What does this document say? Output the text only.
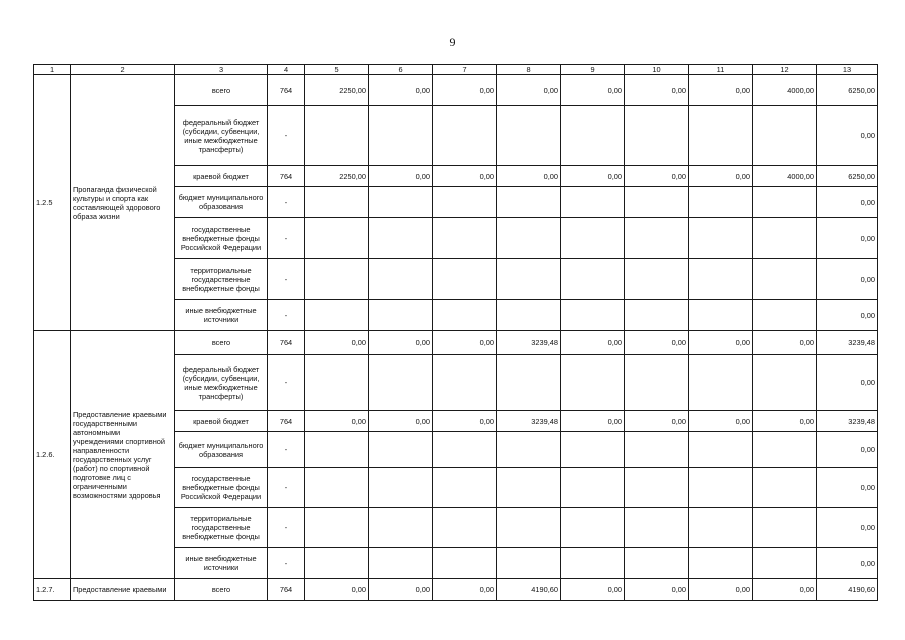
9
1	2	3	4	5	6	7	8	9	10	11	12	13
1.2.5	Пропаганда физической культуры и спорта как составляющей здорового образа жизни	всего	764	2250,00	0,00	0,00	0,00	0,00	0,00	0,00	4000,00	6250,00
		федеральный бюджет (субсидии, субвенции, иные межбюджетные трансферты)	-									0,00
		краевой бюджет	764	2250,00	0,00	0,00	0,00	0,00	0,00	0,00	4000,00	6250,00
		бюджет муниципального образования	-									0,00
		государственные внебюджетные фонды Российской Федерации	-									0,00
		территориальные государственные внебюджетные фонды	-									0,00
		иные внебюджетные источники	-									0,00
1.2.6.	Предоставление краевыми государственными автономными учреждениями спортивной направленности государственных услуг (работ) по спортивной подготовке лиц с ограниченными возможностями здоровья	всего	764	0,00	0,00	0,00	3239,48	0,00	0,00	0,00	0,00	3239,48
		федеральный бюджет (субсидии, субвенции, иные межбюджетные трансферты)	-									0,00
		краевой бюджет	764	0,00	0,00	0,00	3239,48	0,00	0,00	0,00	0,00	3239,48
		бюджет муниципального образования	-									0,00
		государственные внебюджетные фонды Российской Федерации	-									0,00
		территориальные государственные внебюджетные фонды	-									0,00
		иные внебюджетные источники	-									0,00
1.2.7.	Предоставление краевыми	всего	764	0,00	0,00	0,00	4190,60	0,00	0,00	0,00	0,00	4190,60
